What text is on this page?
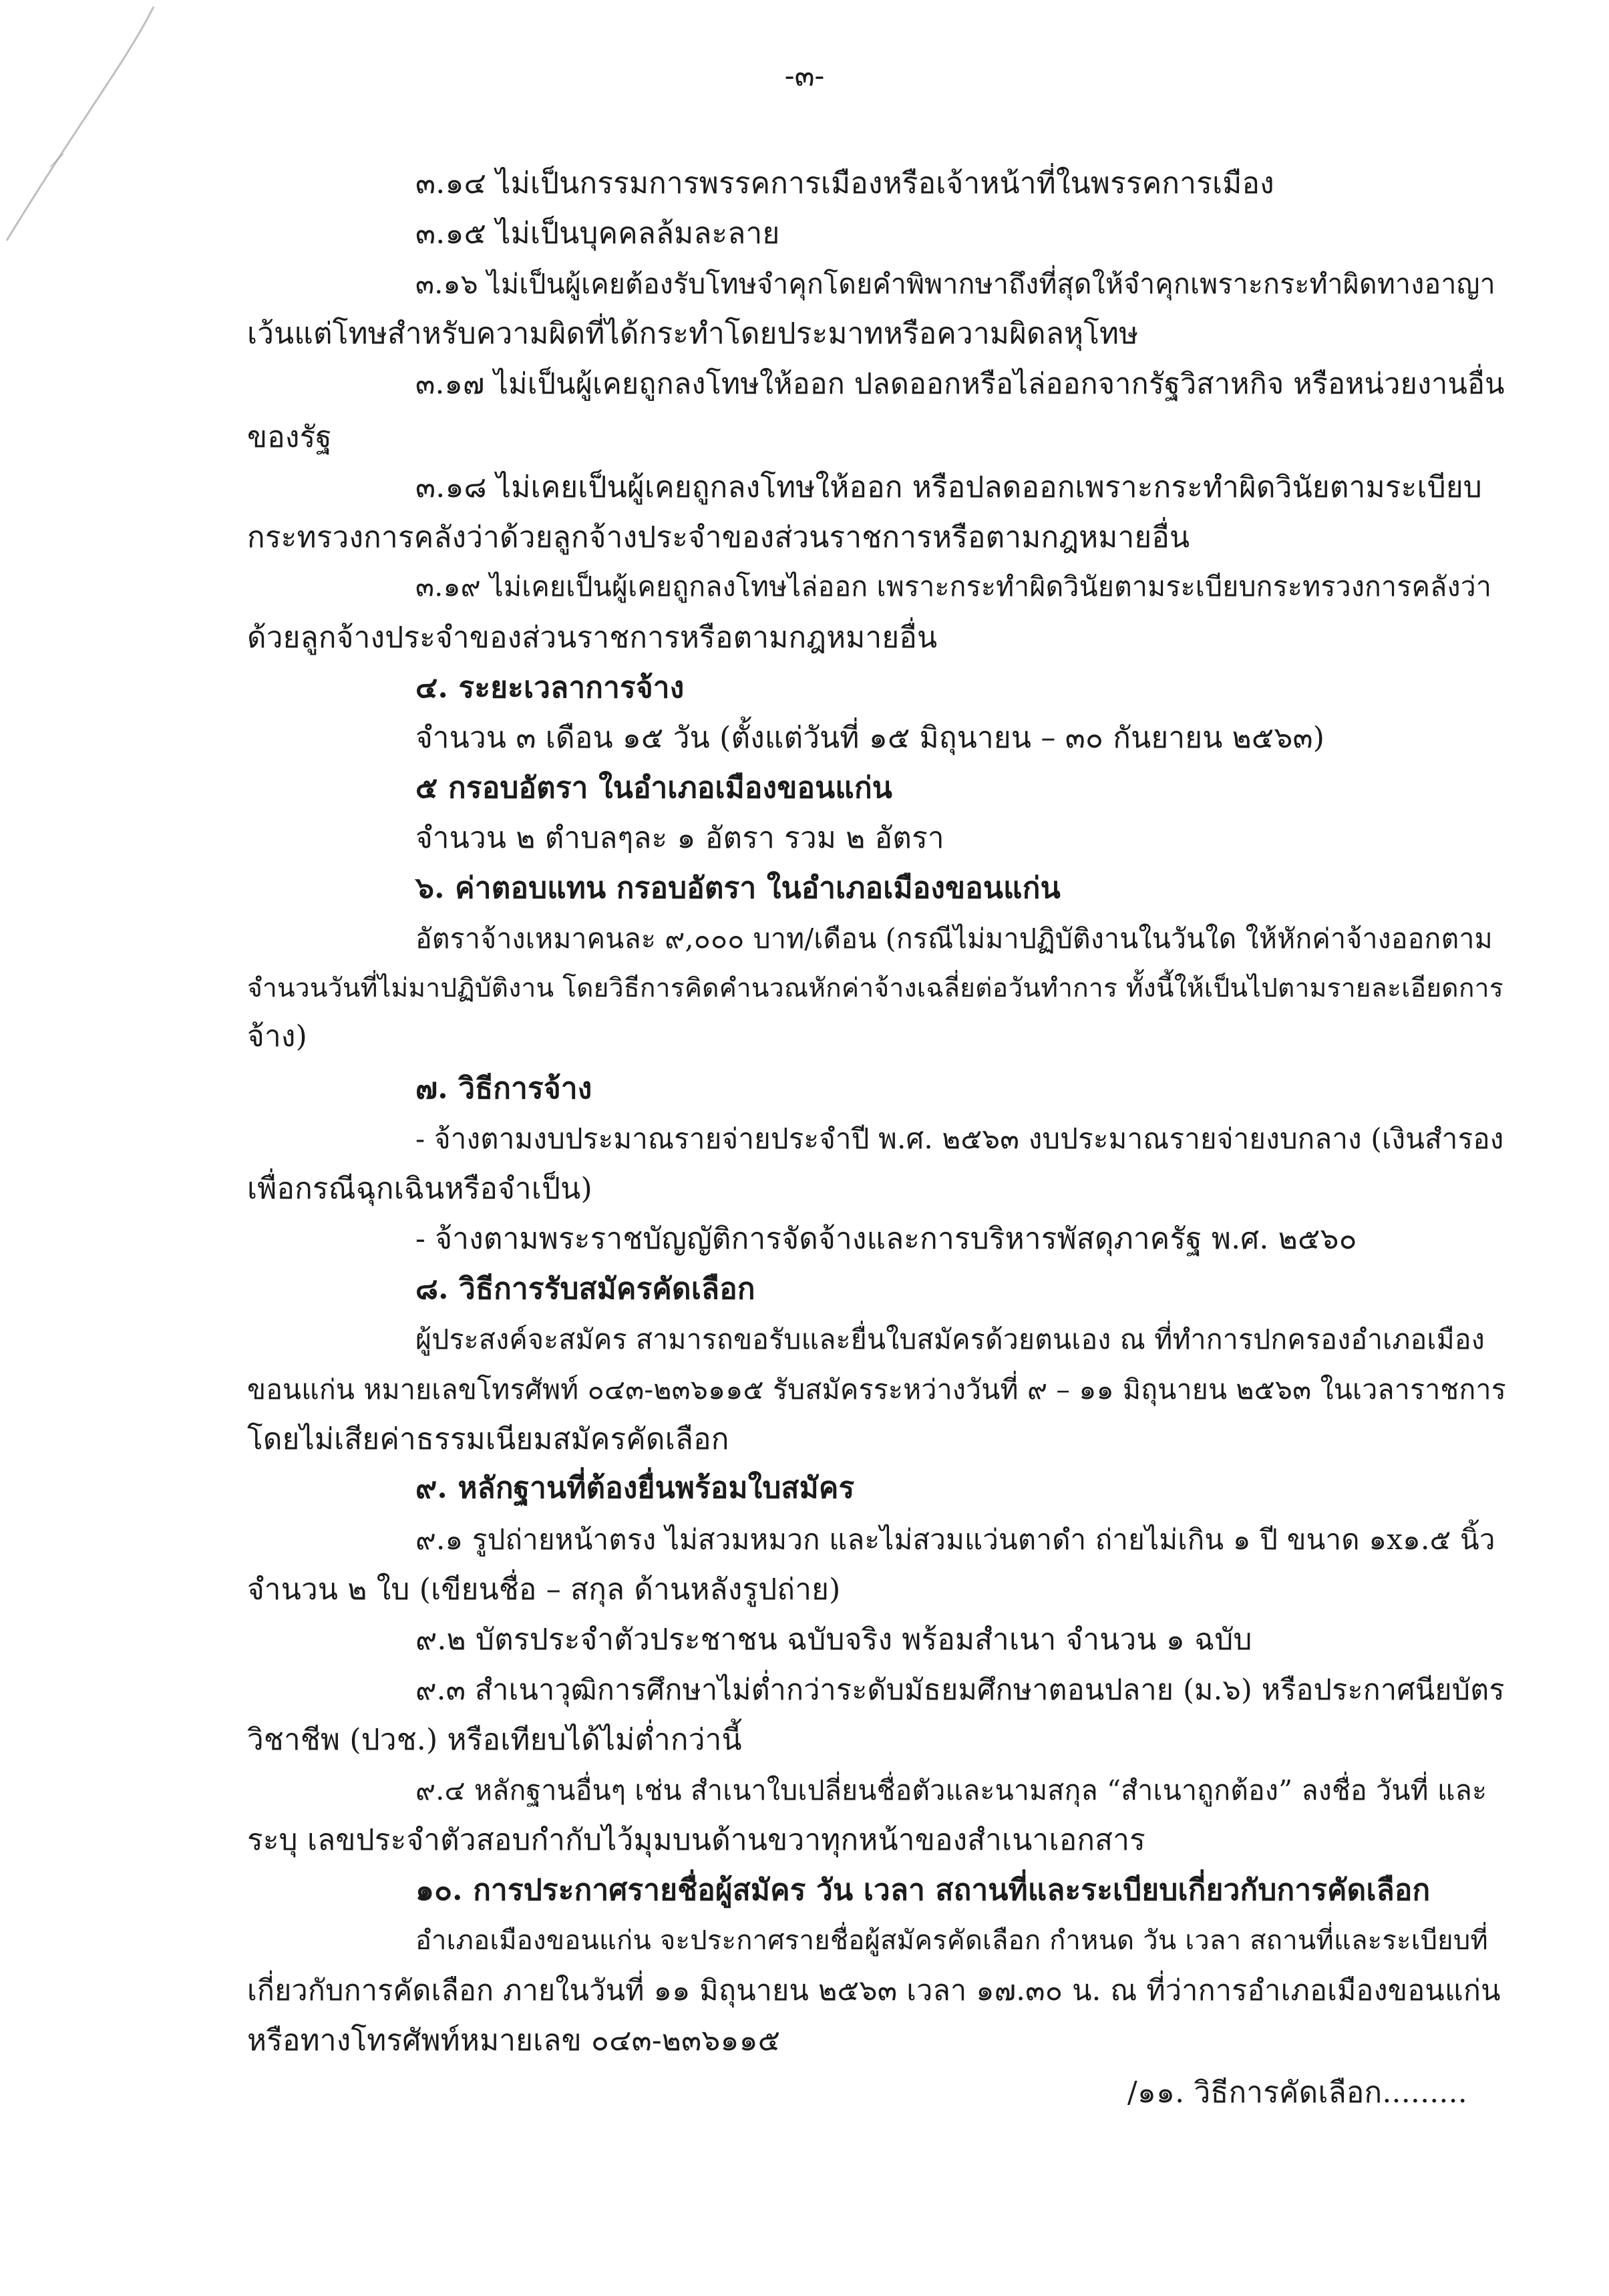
-๓-
๓.๑๔ ไม่เป็นกรรมการพรรคการเมืองหรือเจ้าหน้าที่ในพรรคการเมือง
๓.๑๕ ไม่เป็นบุคคลล้มละลาย
๓.๑๖ ไม่เป็นผู้เคยต้องรับโทษจำคุกโดยคำพิพากษาถึงที่สุดให้จำคุกเพราะกระทำผิดทางอาญา
เว้นแต่โทษสำหรับความผิดที่ได้กระทำโดยประมาทหรือความผิดลหุโทษ
๓.๑๗ ไม่เป็นผู้เคยถูกลงโทษให้ออก ปลดออกหรือไล่ออกจากรัฐวิสาหกิจ หรือหน่วยงานอื่น
ของรัฐ
๓.๑๘ ไม่เคยเป็นผู้เคยถูกลงโทษให้ออก หรือปลดออกเพราะกระทำผิดวินัยตามระเบียบ
กระทรวงการคลังว่าด้วยลูกจ้างประจำของส่วนราชการหรือตามกฎหมายอื่น
๓.๑๙ ไม่เคยเป็นผู้เคยถูกลงโทษไล่ออก เพราะกระทำผิดวินัยตามระเบียบกระทรวงการคลังว่า
ด้วยลูกจ้างประจำของส่วนราชการหรือตามกฎหมายอื่น
๔. ระยะเวลาการจ้าง
จำนวน ๓ เดือน ๑๕ วัน (ตั้งแต่วันที่ ๑๕ มิถุนายน – ๓๐ กันยายน ๒๕๖๓)
๕ กรอบอัตรา ในอำเภอเมืองขอนแก่น
จำนวน ๒ ตำบลๆละ ๑ อัตรา รวม ๒ อัตรา
๖. ค่าตอบแทน กรอบอัตรา ในอำเภอเมืองขอนแก่น
อัตราจ้างเหมาคนละ ๙,๐๐๐ บาท/เดือน (กรณีไม่มาปฏิบัติงานในวันใด ให้หักค่าจ้างออกตาม
จำนวนวันที่ไม่มาปฏิบัติงาน โดยวิธีการคิดคำนวณหักค่าจ้างเฉลี่ยต่อวันทำการ ทั้งนี้ให้เป็นไปตามรายละเอียดการ
จ้าง)
๗. วิธีการจ้าง
- จ้างตามงบประมาณรายจ่ายประจำปี พ.ศ. ๒๕๖๓ งบประมาณรายจ่ายงบกลาง (เงินสำรอง
เพื่อกรณีฉุกเฉินหรือจำเป็น)
- จ้างตามพระราชบัญญัติการจัดจ้างและการบริหารพัสดุภาครัฐ พ.ศ. ๒๕๖๐
๘. วิธีการรับสมัครคัดเลือก
ผู้ประสงค์จะสมัคร สามารถขอรับและยื่นใบสมัครด้วยตนเอง ณ ที่ทำการปกครองอำเภอเมือง
ขอนแก่น หมายเลขโทรศัพท์ ๐๔๓-๒๓๖๑๑๕ รับสมัครระหว่างวันที่ ๙ – ๑๑ มิถุนายน ๒๕๖๓ ในเวลาราชการ
โดยไม่เสียค่าธรรมเนียมสมัครคัดเลือก
๙. หลักฐานที่ต้องยื่นพร้อมใบสมัคร
๙.๑ รูปถ่ายหน้าตรง ไม่สวมหมวก และไม่สวมแว่นตาดำ ถ่ายไม่เกิน ๑ ปี ขนาด ๑x๑.๕ นิ้ว
จำนวน ๒ ใบ (เขียนชื่อ – สกุล ด้านหลังรูปถ่าย)
๙.๒ บัตรประจำตัวประชาชน ฉบับจริง พร้อมสำเนา จำนวน ๑ ฉบับ
๙.๓ สำเนาวุฒิการศึกษาไม่ต่ำกว่าระดับมัธยมศึกษาตอนปลาย (ม.๖) หรือประกาศนียบัตร
วิชาชีพ (ปวช.) หรือเทียบได้ไม่ต่ำกว่านี้
๙.๔ หลักฐานอื่นๆ เช่น สำเนาใบเปลี่ยนชื่อตัวและนามสกุล “สำเนาถูกต้อง” ลงชื่อ วันที่ และ
ระบุ เลขประจำตัวสอบกำกับไว้มุมบนด้านขวาทุกหน้าของสำเนาเอกสาร
๑๐. การประกาศรายชื่อผู้สมัคร วัน เวลา สถานที่และระเบียบเกี่ยวกับการคัดเลือก
อำเภอเมืองขอนแก่น จะประกาศรายชื่อผู้สมัครคัดเลือก กำหนด วัน เวลา สถานที่และระเบียบที่
เกี่ยวกับการคัดเลือก ภายในวันที่ ๑๑ มิถุนายน ๒๕๖๓ เวลา ๑๗.๓๐ น. ณ ที่ว่าการอำเภอเมืองขอนแก่น
หรือทางโทรศัพท์หมายเลข ๐๔๓-๒๓๖๑๑๕
/๑๑. วิธีการคัดเลือก.........
